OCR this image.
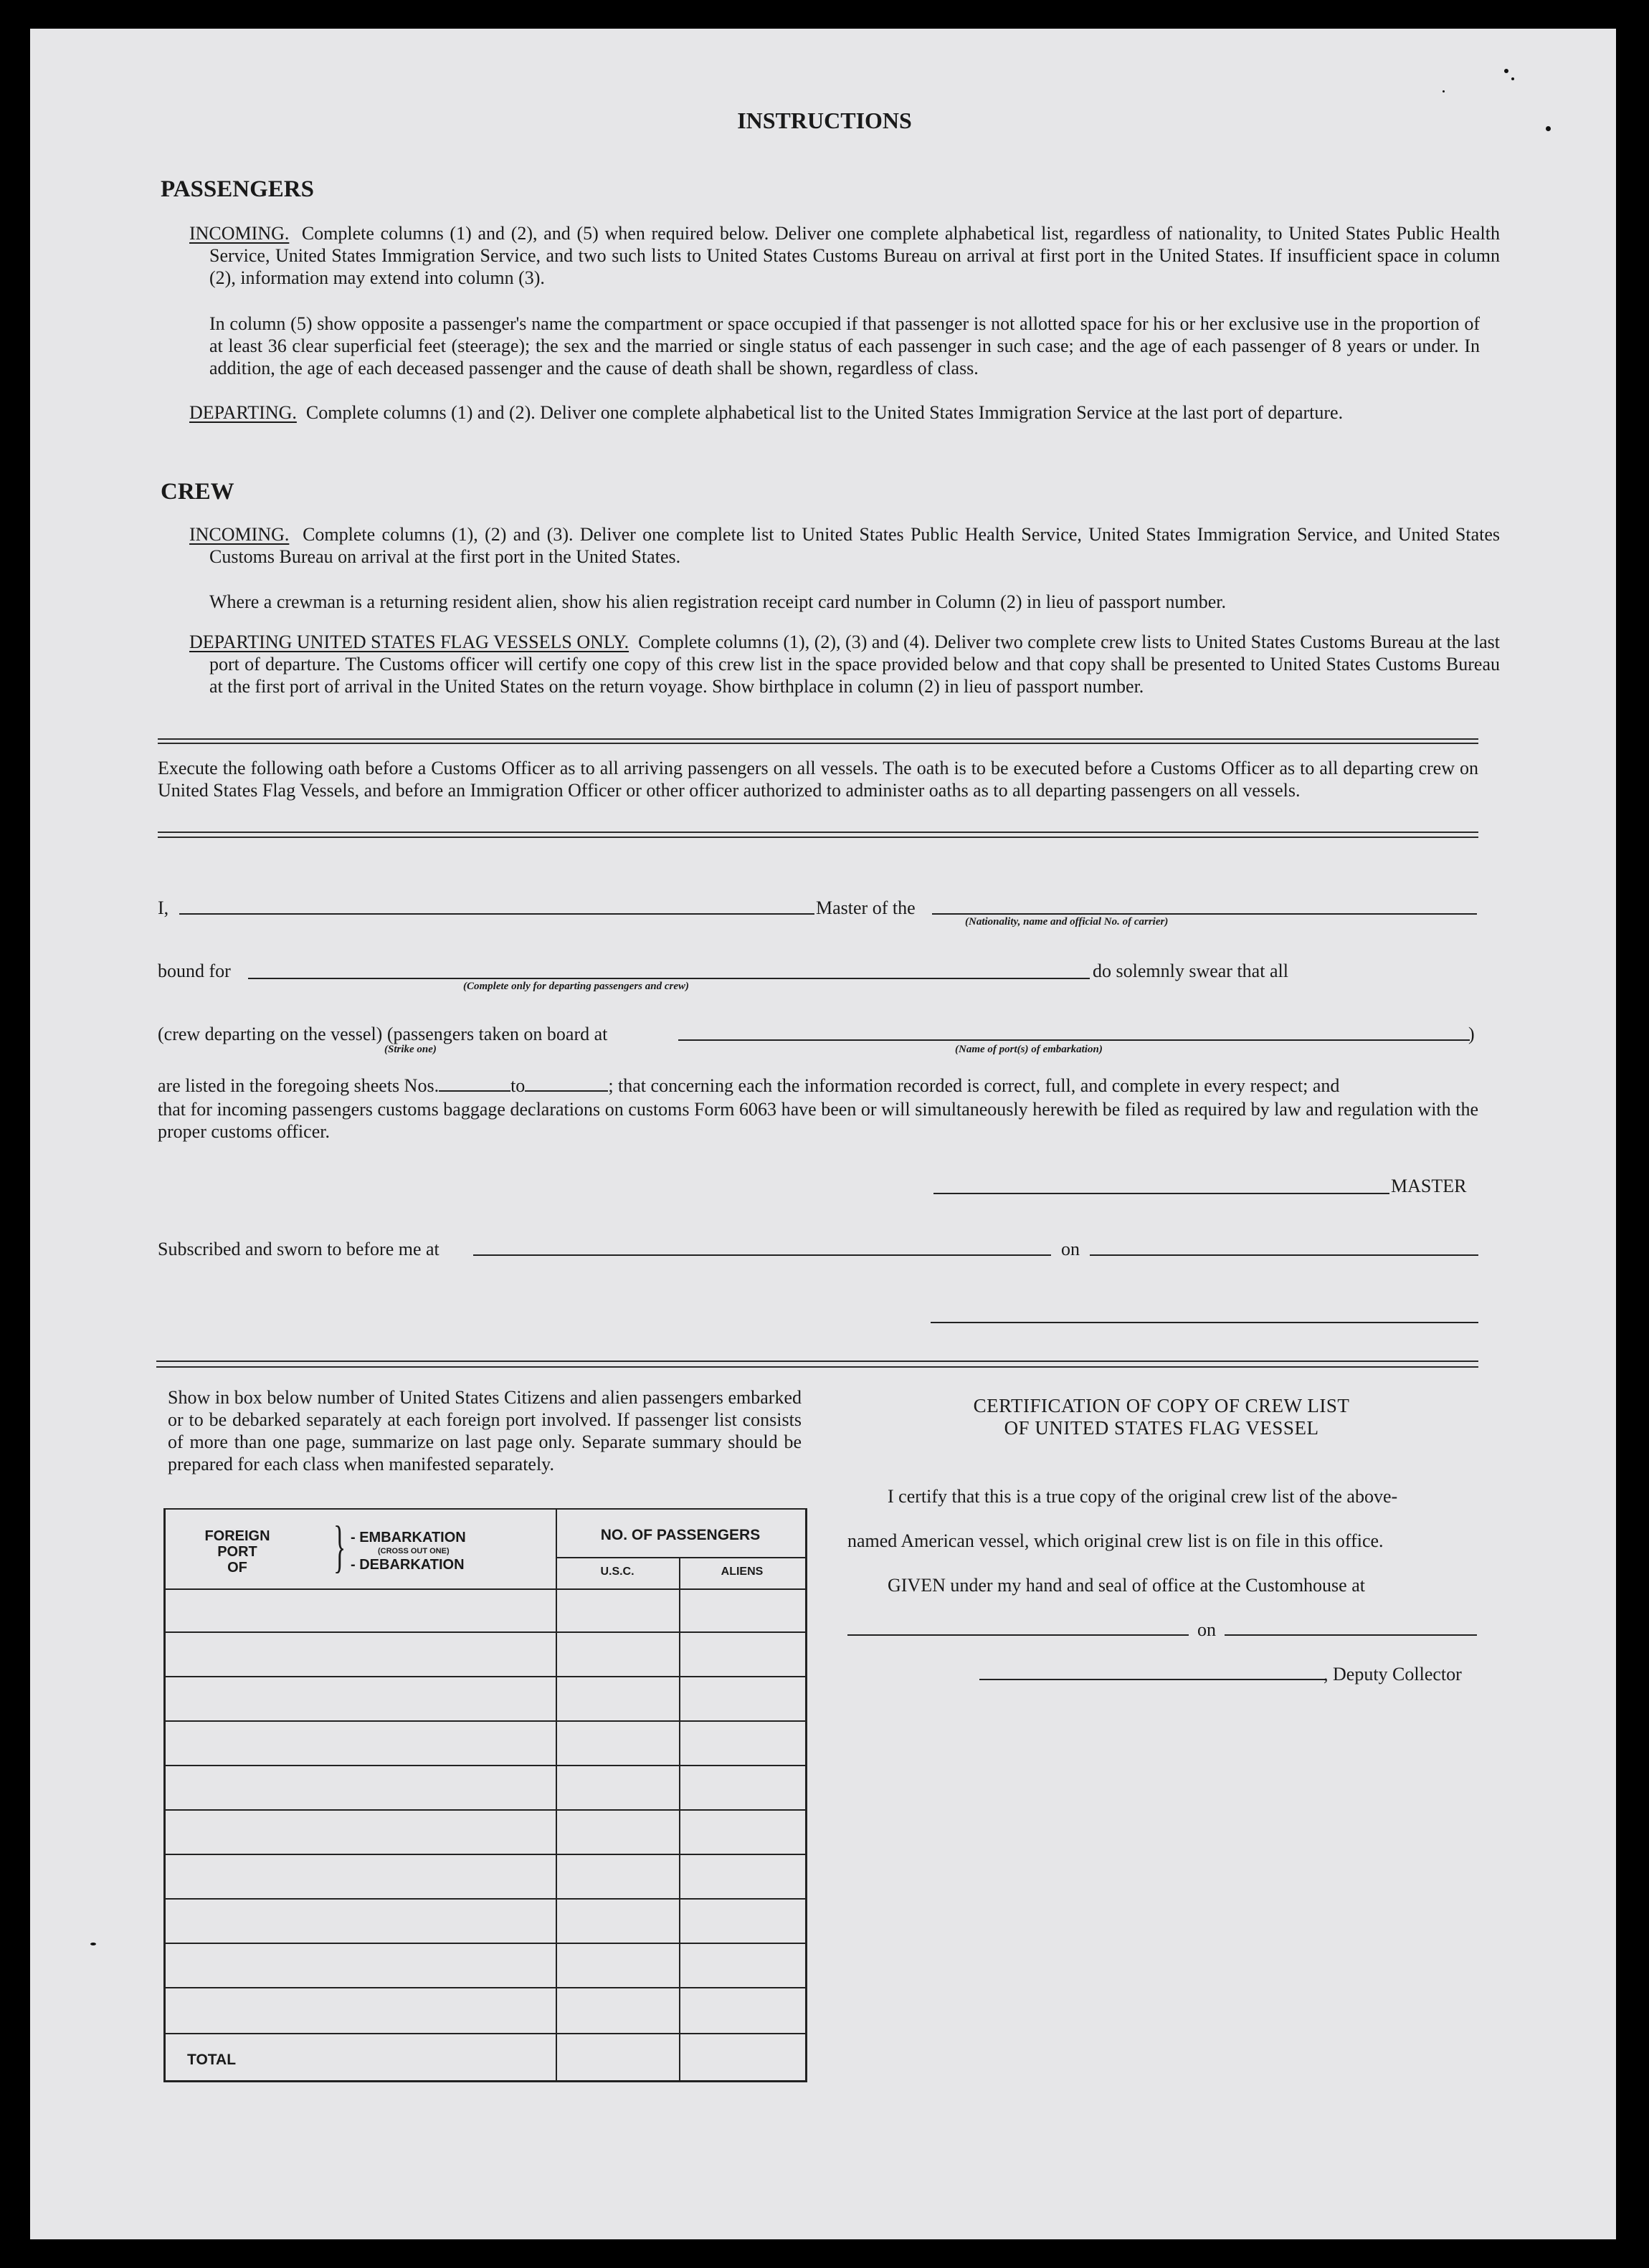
INSTRUCTIONS
PASSENGERS
INCOMING. Complete columns (1) and (2), and (5) when required below. Deliver one complete alphabetical list, regardless of nationality, to United States Public Health Service, United States Immigration Service, and two such lists to United States Customs Bureau on arrival at first port in the United States. If insufficient space in column (2), information may extend into column (3).
In column (5) show opposite a passenger's name the compartment or space occupied if that passenger is not allotted space for his or her exclusive use in the proportion of at least 36 clear superficial feet (steerage); the sex and the married or single status of each passenger in such case; and the age of each passenger of 8 years or under. In addition, the age of each deceased passenger and the cause of death shall be shown, regardless of class.
DEPARTING. Complete columns (1) and (2). Deliver one complete alphabetical list to the United States Immigration Service at the last port of departure.
CREW
INCOMING. Complete columns (1), (2) and (3). Deliver one complete list to United States Public Health Service, United States Immigration Service, and United States Customs Bureau on arrival at the first port in the United States.
Where a crewman is a returning resident alien, show his alien registration receipt card number in Column (2) in lieu of passport number.
DEPARTING UNITED STATES FLAG VESSELS ONLY. Complete columns (1), (2), (3) and (4). Deliver two complete crew lists to United States Customs Bureau at the last port of departure. The Customs officer will certify one copy of this crew list in the space provided below and that copy shall be presented to United States Customs Bureau at the first port of arrival in the United States on the return voyage. Show birthplace in column (2) in lieu of passport number.
Execute the following oath before a Customs Officer as to all arriving passengers on all vessels. The oath is to be executed before a Customs Officer as to all departing crew on United States Flag Vessels, and before an Immigration Officer or other officer authorized to administer oaths as to all departing passengers on all vessels.
I,	Master of the
(Nationality, name and official No. of carrier)
bound for
(Complete only for departing passengers and crew)
do solemnly swear that all
(crew departing on the vessel) (passengers taken on board at
(Strike one)	(Name of port(s) of embarkation)
)
are listed in the foregoing sheets Nos.	to	; that concerning each the information recorded is correct, full, and complete in every respect; and
that for incoming passengers customs baggage declarations on customs Form 6063 have been or will simultaneously herewith be filed as required by law and regulation with the proper customs officer.
MASTER
Subscribed and sworn to before me at	on
Show in box below number of United States Citizens and alien passengers embarked or to be debarked separately at each foreign port involved. If passenger list consists of more than one page, summarize on last page only. Separate summary should be prepared for each class when manifested separately.
FOREIGN
PORT
OF	} - EMBARKATION
(CROSS OUT ONE)
- DEBARKATION
NO. OF PASSENGERS
U.S.C.	ALIENS
TOTAL
CERTIFICATION OF COPY OF CREW LIST
OF UNITED STATES FLAG VESSEL
I certify that this is a true copy of the original crew list of the above-
named American vessel, which original crew list is on file in this office.
GIVEN under my hand and seal of office at the Customhouse at
on
, Deputy Collector
